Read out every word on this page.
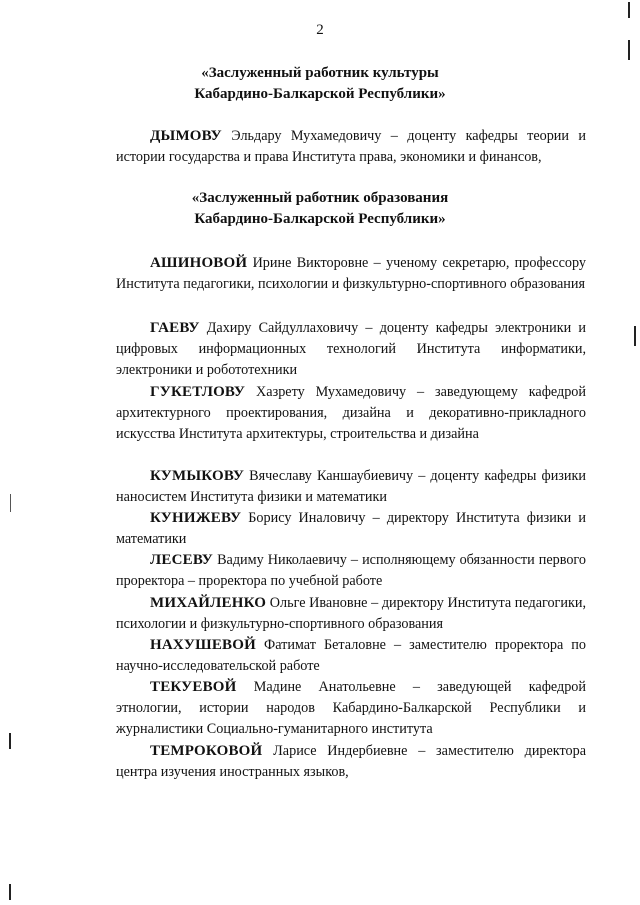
2
«Заслуженный работник культуры
Кабардино-Балкарской Республики»

ДЫМОВУ Эльдару Мухамедовичу – доценту кафедры теории и истории государства и права Института права, экономики и финансов,

«Заслуженный работник образования
Кабардино-Балкарской Республики»

АШИНОВОЙ Ирине Викторовне – ученому секретарю, профессору Института педагогики, психологии и физкультурно-спортивного образования

ГАЕВУ Дахиру Сайдуллаховичу – доценту кафедры электроники и цифровых информационных технологий Института информатики, электроники и робототехники

ГУКЕТЛОВУ Хазрету Мухамедовичу – заведующему кафедрой архитектурного проектирования, дизайна и декоративно-прикладного искусства Института архитектуры, строительства и дизайна

КУМЫКОВУ Вячеславу Каншаубиевичу – доценту кафедры физики наносистем Института физики и математики

КУНИЖЕВУ Борису Иналовичу – директору Института физики и математики

ЛЕСЕВУ Вадиму Николаевичу – исполняющему обязанности первого проректора – проректора по учебной работе

МИХАЙЛЕНКО Ольге Ивановне – директору Института педагогики, психологии и физкультурно-спортивного образования

НАХУШЕВОЙ Фатимат Беталовне – заместителю проректора по научно-исследовательской работе

ТЕКУЕВОЙ Мадине Анатольевне – заведующей кафедрой этнологии, истории народов Кабардино-Балкарской Республики и журналистики Социально-гуманитарного института

ТЕМРОКОВОЙ Ларисе Индербиевне – заместителю директора центра изучения иностранных языков,
